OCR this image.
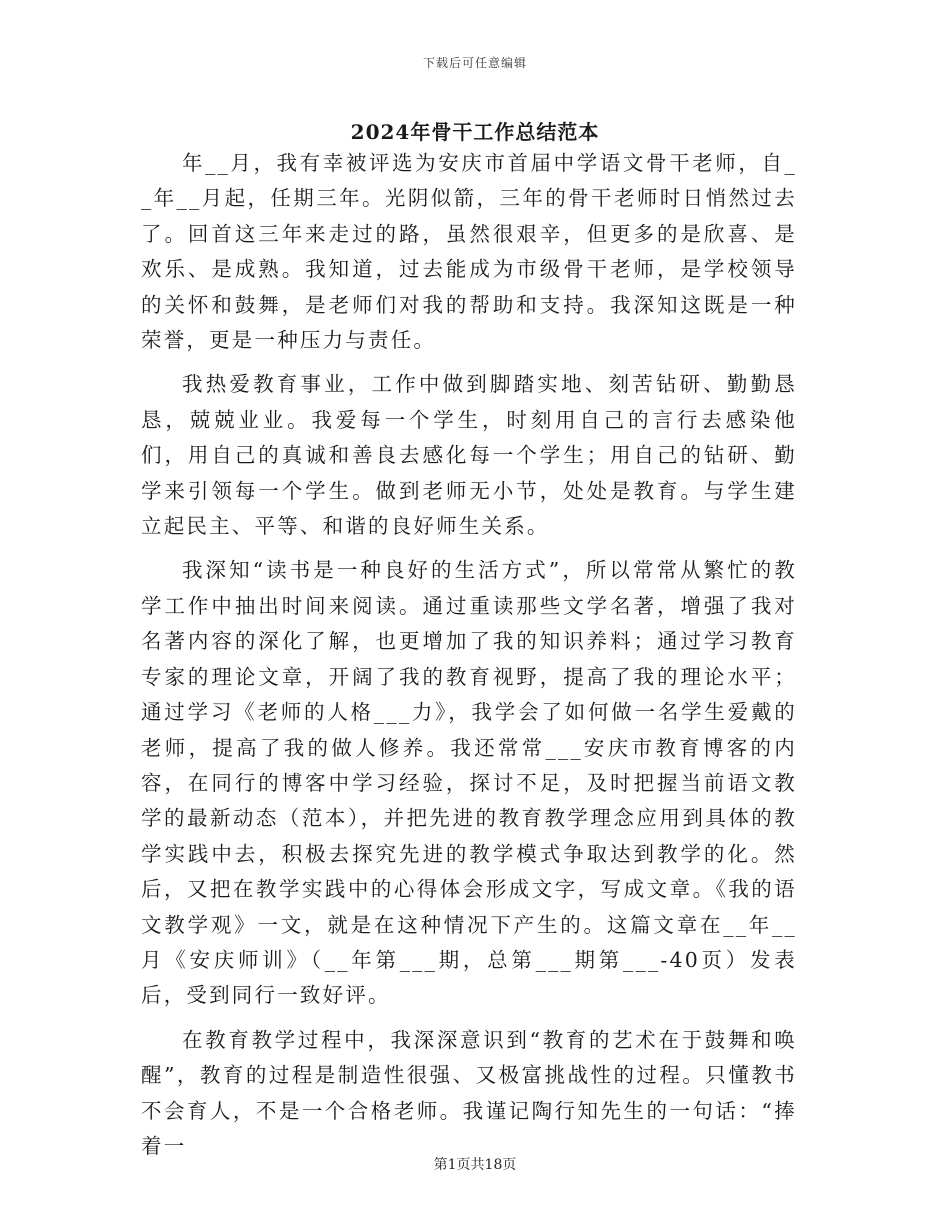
下载后可任意编辑
2024年骨干工作总结范本

年__月，我有幸被评选为安庆市首届中学语文骨干老师，自__年__月起，任期三年。光阴似箭，三年的骨干老师时日悄然过去了。回首这三年来走过的路，虽然很艰辛，但更多的是欣喜、是欢乐、是成熟。我知道，过去能成为市级骨干老师，是学校领导的关怀和鼓舞，是老师们对我的帮助和支持。我深知这既是一种荣誉，更是一种压力与责任。

我热爱教育事业，工作中做到脚踏实地、刻苦钻研、勤勤恳恳，兢兢业业。我爱每一个学生，时刻用自己的言行去感染他们，用自己的真诚和善良去感化每一个学生；用自己的钻研、勤学来引领每一个学生。做到老师无小节，处处是教育。与学生建立起民主、平等、和谐的良好师生关系。

我深知“读书是一种良好的生活方式”，所以常常从繁忙的教学工作中抽出时间来阅读。通过重读那些文学名著，增强了我对名著内容的深化了解，也更增加了我的知识养料；通过学习教育专家的理论文章，开阔了我的教育视野，提高了我的理论水平；通过学习《老师的人格___力》，我学会了如何做一名学生爱戴的老师，提高了我的做人修养。我还常常___安庆市教育博客的内容，在同行的博客中学习经验，探讨不足，及时把握当前语文教学的最新动态（范本），并把先进的教育教学理念应用到具体的教学实践中去，积极去探究先进的教学模式争取达到教学的化。然后，又把在教学实践中的心得体会形成文字，写成文章。《我的语文教学观》一文，就是在这种情况下产生的。这篇文章在__年__月《安庆师训》（__年第___期，总第___期第___-40页）发表后，受到同行一致好评。

在教育教学过程中，我深深意识到“教育的艺术在于鼓舞和唤醒”，教育的过程是制造性很强、又极富挑战性的过程。只懂教书不会育人，不是一个合格老师。我谨记陶行知先生的一句话：“捧着一

第1页共18页
